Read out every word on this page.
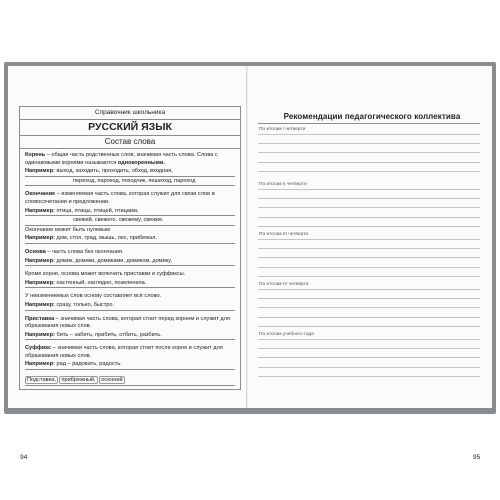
Справочник школьника
РУССКИЙ ЯЗЫК
Состав слова

Корень – общая часть родственных слов, значимая часть слова. Слова с одинаковыми корнями называются однокоренными.

Например: выход, заходить, проходить, обход, входная,
переход, пароход, походчик, пешеход, пароход

Окончание – изменяемая часть слова, которая служит для связи слов в словосочетании и предложении.

Например: птица, птицы, птицей, птицами,
свежий, свежего, свежему, свежие.

Окончание может быть нулевым

Например: дом, стол, град, мышь, лес, прибежал.

Основа – часть слова без окончания.

Например: домик, домики, домиками, домиком, домику.

Кроме корня, основа может включать приставки и суффиксы.

Например: настенный, наглядно, позеленела.

У неизменяемых слов основу составляет всё слово.

Например: сразу, только, быстро.

Приставка – значимая часть слова, которая стоит перед корнем и служит для образования новых слов.

Например: бить – забить, прибить, отбить, разбить.

Суффикс – значимая часть слова, которая стоит после корня и служит для образования новых слов.

Например: рад – радовать, радость.
Подставка, прибрежный, осенний
94
Рекомендации педагогического коллектива
По итогам I четверти
По итогам II четверти
По итогам III четверти
По итогам IV четверти
По итогам учебного года
95
